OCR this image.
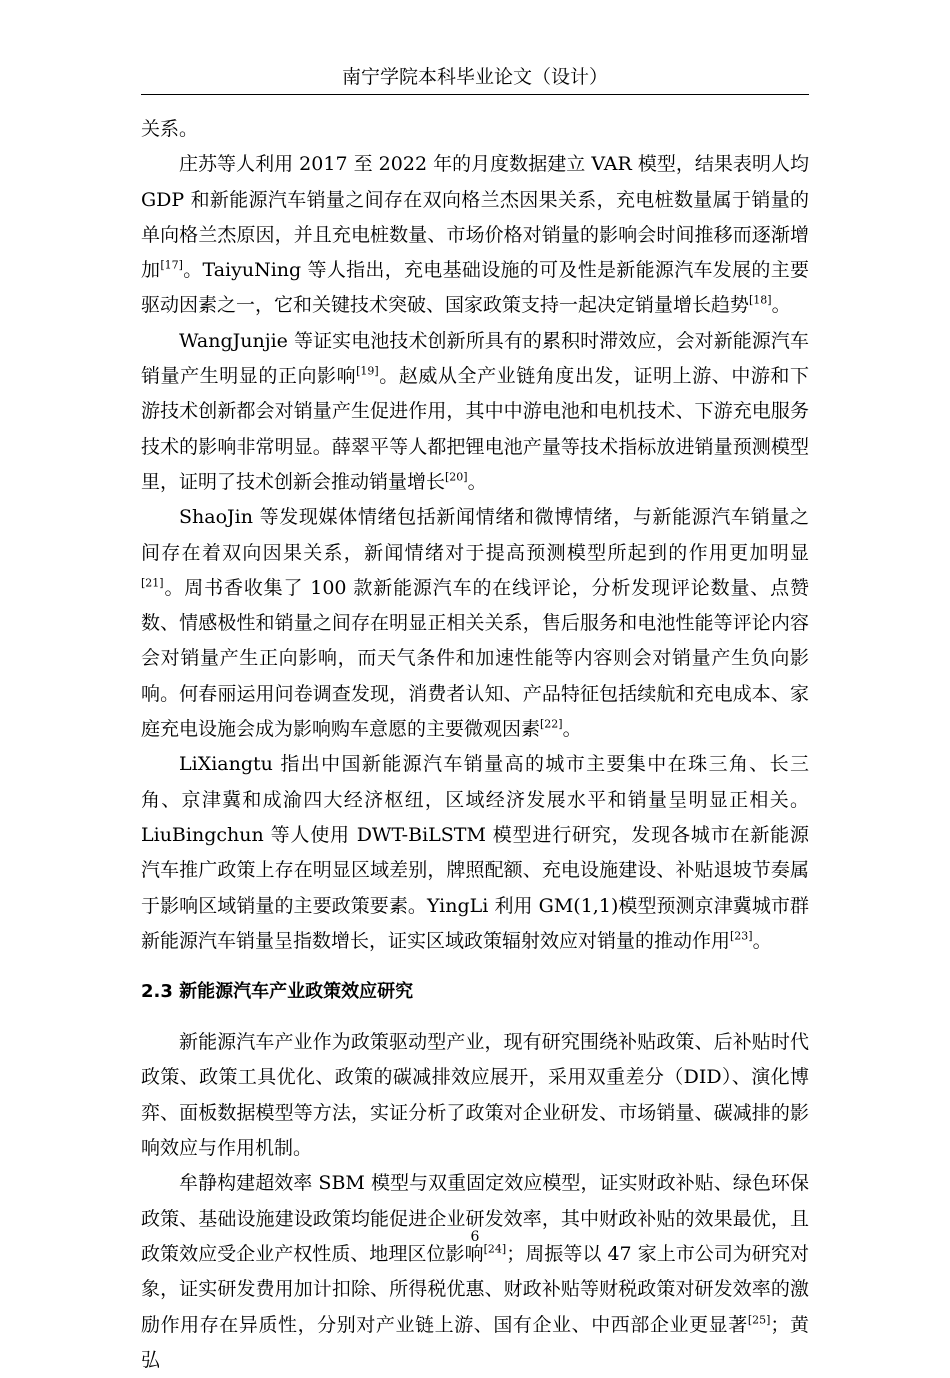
南宁学院本科毕业论文（设计）

关系。

庄苏等人利用 2017 至 2022 年的月度数据建立 VAR 模型，结果表明人均 GDP 和新能源汽车销量之间存在双向格兰杰因果关系，充电桩数量属于销量的单向格兰杰原因，并且充电桩数量、市场价格对销量的影响会时间推移而逐渐增加[17]。TaiyuNing 等人指出，充电基础设施的可及性是新能源汽车发展的主要驱动因素之一，它和关键技术突破、国家政策支持一起决定销量增长趋势[18]。

WangJunjie 等证实电池技术创新所具有的累积时滞效应，会对新能源汽车销量产生明显的正向影响[19]。赵威从全产业链角度出发，证明上游、中游和下游技术创新都会对销量产生促进作用，其中中游电池和电机技术、下游充电服务技术的影响非常明显。薛翠平等人都把锂电池产量等技术指标放进销量预测模型里，证明了技术创新会推动销量增长[20]。

ShaoJin 等发现媒体情绪包括新闻情绪和微博情绪，与新能源汽车销量之间存在着双向因果关系，新闻情绪对于提高预测模型所起到的作用更加明显[21]。周书香收集了 100 款新能源汽车的在线评论，分析发现评论数量、点赞数、情感极性和销量之间存在明显正相关关系，售后服务和电池性能等评论内容会对销量产生正向影响，而天气条件和加速性能等内容则会对销量产生负向影响。何春丽运用问卷调查发现，消费者认知、产品特征包括续航和充电成本、家庭充电设施会成为影响购车意愿的主要微观因素[22]。

LiXiangtu 指出中国新能源汽车销量高的城市主要集中在珠三角、长三角、京津冀和成渝四大经济枢纽，区域经济发展水平和销量呈明显正相关。LiuBingchun 等人使用 DWT-BiLSTM 模型进行研究，发现各城市在新能源汽车推广政策上存在明显区域差别，牌照配额、充电设施建设、补贴退坡节奏属于影响区域销量的主要政策要素。YingLi 利用 GM(1,1)模型预测京津冀城市群新能源汽车销量呈指数增长，证实区域政策辐射效应对销量的推动作用[23]。

2.3 新能源汽车产业政策效应研究

新能源汽车产业作为政策驱动型产业，现有研究围绕补贴政策、后补贴时代政策、政策工具优化、政策的碳减排效应展开，采用双重差分（DID）、演化博弈、面板数据模型等方法，实证分析了政策对企业研发、市场销量、碳减排的影响效应与作用机制。

牟静构建超效率 SBM 模型与双重固定效应模型，证实财政补贴、绿色环保政策、基础设施建设政策均能促进企业研发效率，其中财政补贴的效果最优，且政策效应受企业产权性质、地理区位影响[24]；周振等以 47 家上市公司为研究对象，证实研发费用加计扣除、所得税优惠、财政补贴等财税政策对研发效率的激励作用存在异质性，分别对产业链上游、国有企业、中西部企业更显著[25]；黄弘

6
